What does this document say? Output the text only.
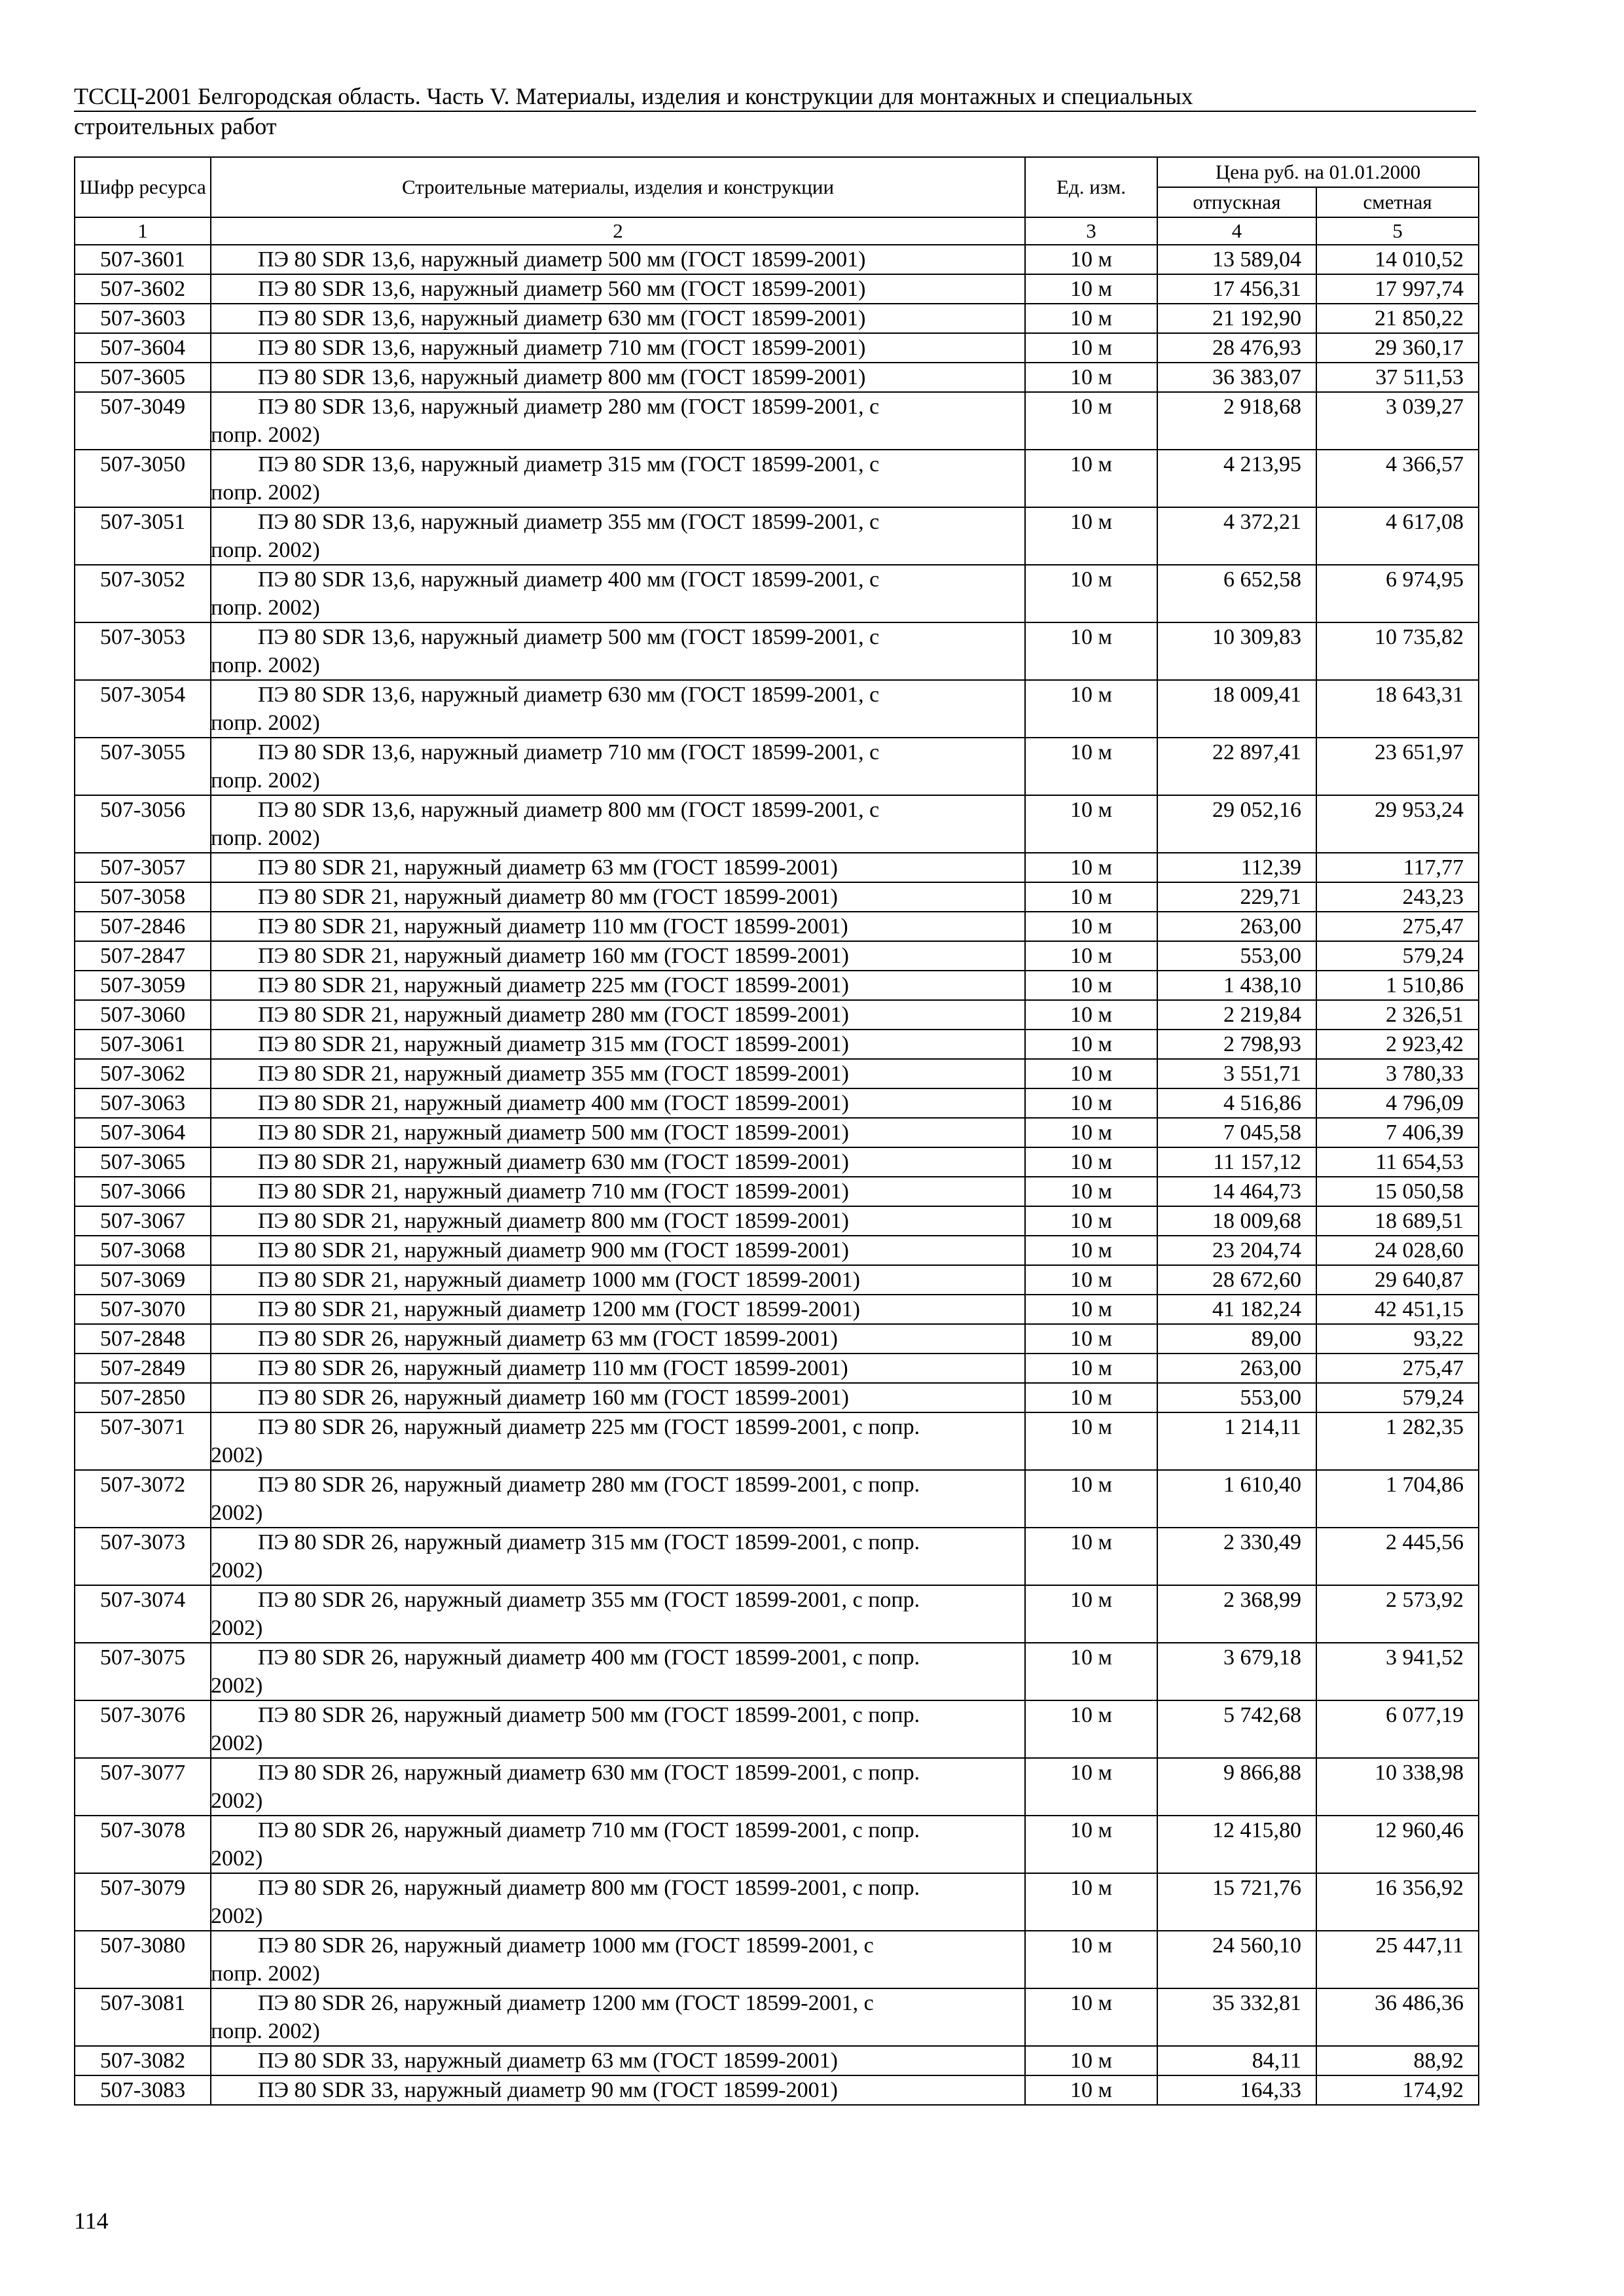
ТССЦ-2001 Белгородская область. Часть V. Материалы, изделия и конструкции для монтажных и специальных
строительных работ
Шифр ресурса	Строительные материалы, изделия и конструкции	Ед. изм.	Цена руб. на 01.01.2000	
			отпускная	сметная
1	2	3	4	5
507-3601	ПЭ 80 SDR 13,6, наружный диаметр 500 мм (ГОСТ 18599-2001)	10 м	13 589,04	14 010,52
507-3602	ПЭ 80 SDR 13,6, наружный диаметр 560 мм (ГОСТ 18599-2001)	10 м	17 456,31	17 997,74
507-3603	ПЭ 80 SDR 13,6, наружный диаметр 630 мм (ГОСТ 18599-2001)	10 м	21 192,90	21 850,22
507-3604	ПЭ 80 SDR 13,6, наружный диаметр 710 мм (ГОСТ 18599-2001)	10 м	28 476,93	29 360,17
507-3605	ПЭ 80 SDR 13,6, наружный диаметр 800 мм (ГОСТ 18599-2001)	10 м	36 383,07	37 511,53
507-3049	ПЭ 80 SDR 13,6, наружный диаметр 280 мм (ГОСТ 18599-2001, с
попр. 2002)	10 м	2 918,68	3 039,27
507-3050	ПЭ 80 SDR 13,6, наружный диаметр 315 мм (ГОСТ 18599-2001, с
попр. 2002)	10 м	4 213,95	4 366,57
507-3051	ПЭ 80 SDR 13,6, наружный диаметр 355 мм (ГОСТ 18599-2001, с
попр. 2002)	10 м	4 372,21	4 617,08
507-3052	ПЭ 80 SDR 13,6, наружный диаметр 400 мм (ГОСТ 18599-2001, с
попр. 2002)	10 м	6 652,58	6 974,95
507-3053	ПЭ 80 SDR 13,6, наружный диаметр 500 мм (ГОСТ 18599-2001, с
попр. 2002)	10 м	10 309,83	10 735,82
507-3054	ПЭ 80 SDR 13,6, наружный диаметр 630 мм (ГОСТ 18599-2001, с
попр. 2002)	10 м	18 009,41	18 643,31
507-3055	ПЭ 80 SDR 13,6, наружный диаметр 710 мм (ГОСТ 18599-2001, с
попр. 2002)	10 м	22 897,41	23 651,97
507-3056	ПЭ 80 SDR 13,6, наружный диаметр 800 мм (ГОСТ 18599-2001, с
попр. 2002)	10 м	29 052,16	29 953,24
507-3057	ПЭ 80 SDR 21, наружный диаметр 63 мм (ГОСТ 18599-2001)	10 м	112,39	117,77
507-3058	ПЭ 80 SDR 21, наружный диаметр 80 мм (ГОСТ 18599-2001)	10 м	229,71	243,23
507-2846	ПЭ 80 SDR 21, наружный диаметр 110 мм (ГОСТ 18599-2001)	10 м	263,00	275,47
507-2847	ПЭ 80 SDR 21, наружный диаметр 160 мм (ГОСТ 18599-2001)	10 м	553,00	579,24
507-3059	ПЭ 80 SDR 21, наружный диаметр 225 мм (ГОСТ 18599-2001)	10 м	1 438,10	1 510,86
507-3060	ПЭ 80 SDR 21, наружный диаметр 280 мм (ГОСТ 18599-2001)	10 м	2 219,84	2 326,51
507-3061	ПЭ 80 SDR 21, наружный диаметр 315 мм (ГОСТ 18599-2001)	10 м	2 798,93	2 923,42
507-3062	ПЭ 80 SDR 21, наружный диаметр 355 мм (ГОСТ 18599-2001)	10 м	3 551,71	3 780,33
507-3063	ПЭ 80 SDR 21, наружный диаметр 400 мм (ГОСТ 18599-2001)	10 м	4 516,86	4 796,09
507-3064	ПЭ 80 SDR 21, наружный диаметр 500 мм (ГОСТ 18599-2001)	10 м	7 045,58	7 406,39
507-3065	ПЭ 80 SDR 21, наружный диаметр 630 мм (ГОСТ 18599-2001)	10 м	11 157,12	11 654,53
507-3066	ПЭ 80 SDR 21, наружный диаметр 710 мм (ГОСТ 18599-2001)	10 м	14 464,73	15 050,58
507-3067	ПЭ 80 SDR 21, наружный диаметр 800 мм (ГОСТ 18599-2001)	10 м	18 009,68	18 689,51
507-3068	ПЭ 80 SDR 21, наружный диаметр 900 мм (ГОСТ 18599-2001)	10 м	23 204,74	24 028,60
507-3069	ПЭ 80 SDR 21, наружный диаметр 1000 мм (ГОСТ 18599-2001)	10 м	28 672,60	29 640,87
507-3070	ПЭ 80 SDR 21, наружный диаметр 1200 мм (ГОСТ 18599-2001)	10 м	41 182,24	42 451,15
507-2848	ПЭ 80 SDR 26, наружный диаметр 63 мм (ГОСТ 18599-2001)	10 м	89,00	93,22
507-2849	ПЭ 80 SDR 26, наружный диаметр 110 мм (ГОСТ 18599-2001)	10 м	263,00	275,47
507-2850	ПЭ 80 SDR 26, наружный диаметр 160 мм (ГОСТ 18599-2001)	10 м	553,00	579,24
507-3071	ПЭ 80 SDR 26, наружный диаметр 225 мм (ГОСТ 18599-2001, с попр.
2002)	10 м	1 214,11	1 282,35
507-3072	ПЭ 80 SDR 26, наружный диаметр 280 мм (ГОСТ 18599-2001, с попр.
2002)	10 м	1 610,40	1 704,86
507-3073	ПЭ 80 SDR 26, наружный диаметр 315 мм (ГОСТ 18599-2001, с попр.
2002)	10 м	2 330,49	2 445,56
507-3074	ПЭ 80 SDR 26, наружный диаметр 355 мм (ГОСТ 18599-2001, с попр.
2002)	10 м	2 368,99	2 573,92
507-3075	ПЭ 80 SDR 26, наружный диаметр 400 мм (ГОСТ 18599-2001, с попр.
2002)	10 м	3 679,18	3 941,52
507-3076	ПЭ 80 SDR 26, наружный диаметр 500 мм (ГОСТ 18599-2001, с попр.
2002)	10 м	5 742,68	6 077,19
507-3077	ПЭ 80 SDR 26, наружный диаметр 630 мм (ГОСТ 18599-2001, с попр.
2002)	10 м	9 866,88	10 338,98
507-3078	ПЭ 80 SDR 26, наружный диаметр 710 мм (ГОСТ 18599-2001, с попр.
2002)	10 м	12 415,80	12 960,46
507-3079	ПЭ 80 SDR 26, наружный диаметр 800 мм (ГОСТ 18599-2001, с попр.
2002)	10 м	15 721,76	16 356,92
507-3080	ПЭ 80 SDR 26, наружный диаметр 1000 мм (ГОСТ 18599-2001, с
попр. 2002)	10 м	24 560,10	25 447,11
507-3081	ПЭ 80 SDR 26, наружный диаметр 1200 мм (ГОСТ 18599-2001, с
попр. 2002)	10 м	35 332,81	36 486,36
507-3082	ПЭ 80 SDR 33, наружный диаметр 63 мм (ГОСТ 18599-2001)	10 м	84,11	88,92
507-3083	ПЭ 80 SDR 33, наружный диаметр 90 мм (ГОСТ 18599-2001)	10 м	164,33	174,92
114
